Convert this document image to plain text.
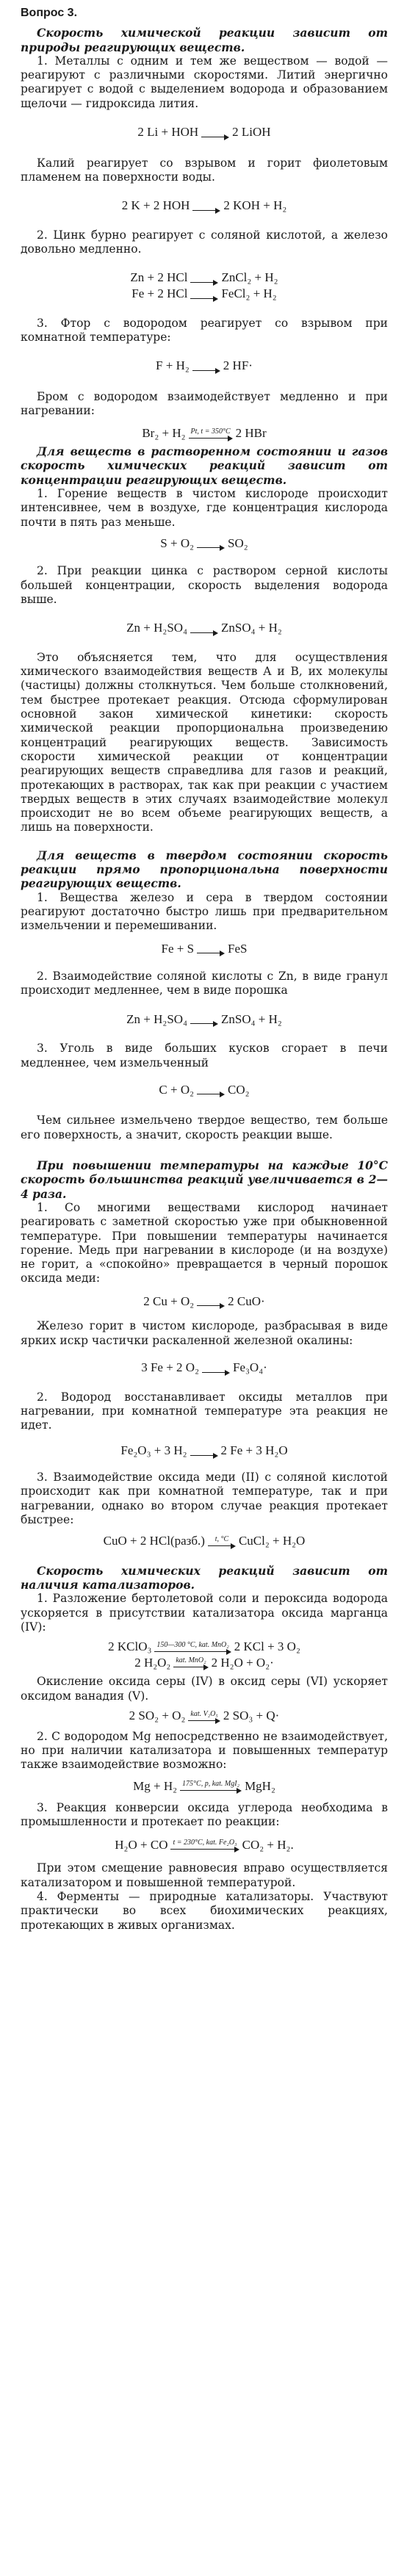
Вопрос 3.

Скорость химической реакции зависит от природы реагирующих веществ.

1. Металлы с одним и тем же веществом — водой — реагируют с различными скоростями. Литий энергично реагирует с водой с выделением водорода и образованием щелочи — гидроксида лития.

2 Li + HOH	2 LiOH

Калий реагирует со взрывом и горит фиолетовым пламенем на поверхности воды.

2 K + 2 HOH	2 KOH + H₂

2. Цинк бурно реагирует с соляной кислотой, а железо довольно медленно.

Zn + 2 HCl	ZnCl₂ + H₂
Fe + 2 HCl	FeCl₂ + H₂

3. Фтор с водородом реагирует со взрывом при комнатной температуре:

F + H₂	2 HF·

Бром с водородом взаимодействует медленно и при нагревании:

Br₂ + H₂ Pt, t = 350°C 2 HBr

Для веществ в растворенном состоянии и газов скорость химических реакций зависит от концентрации реагирующих веществ.

1. Горение веществ в чистом кислороде происходит интенсивнее, чем в воздухе, где концентрация кислорода почти в пять раз меньше.

S + O₂	SO₂

2. При реакции цинка с раствором серной кислоты большей концентрации, скорость выделения водорода выше.

Zn + H₂SO₄	ZnSO₄ + H₂

Это объясняется тем, что для осуществления химического взаимодействия веществ A и B, их молекулы (частицы) должны столкнуться. Чем больше столкновений, тем быстрее протекает реакция. Отсюда сформулирован основной закон химической кинетики: скорость химической реакции пропорциональна произведению концентраций реагирующих веществ. Зависимость скорости химической реакции от концентрации реагирующих веществ справедлива для газов и реакций, протекающих в растворах, так как при реакции с участием твердых веществ в этих случаях взаимодействие молекул происходит не во всем объеме реагирующих веществ, а лишь на поверхности.

Для веществ в твердом состоянии скорость реакции прямо пропорциональна поверхности реагирующих веществ.

1. Вещества железо и сера в твердом состоянии реагируют достаточно быстро лишь при предварительном измельчении и перемешивании.

Fe + S	FeS

2. Взаимодействие соляной кислоты с Zn, в виде гранул происходит медленнее, чем в виде порошка

Zn + H₂SO₄	ZnSO₄ + H₂

3. Уголь в виде больших кусков сгорает в печи медленнее, чем измельченный

C + O₂	CO₂

Чем сильнее измельчено твердое вещество, тем больше его поверхность, а значит, скорость реакции выше.

При повышении температуры на каждые 10°С скорость большинства реакций увеличивается в 2—4 раза.

1. Со многими веществами кислород начинает реагировать с заметной скоростью уже при обыкновенной температуре. При повышении температуры начинается горение. Медь при нагревании в кислороде (и на воздухе) не горит, а «спокойно» превращается в черный порошок оксида меди:

2 Cu + O₂	2 CuO·

Железо горит в чистом кислороде, разбрасывая в виде ярких искр частички раскаленной железной окалины:

3 Fe + 2 O₂	Fe₃O₄·

2. Водород восстанавливает оксиды металлов при нагревании, при комнатной температуре эта реакция не идет.

Fe₂O₃ + 3 H₂	2 Fe + 3 H₂O

3. Взаимодействие оксида меди (II) с соляной кислотой происходит как при комнатной температуре, так и при нагревании, однако во втором случае реакция протекает быстрее:

CuO + 2 HCl(разб.)	t, °C CuCl₂ + H₂O

Скорость химических реакций зависит от наличия катализаторов.

1. Разложение бертолетовой соли и пероксида водорода ускоряется в присутствии катализатора оксида марганца (IV):

2 KClO₃ 150—300 °С, kat. MnO₂ 2 KCl + 3 O₂
2 H₂O₂ kat. MnO₂ 2 H₂O + O₂·

Окисление оксида серы (IV) в оксид серы (VI) ускоряет оксидом ванадия (V).

2 SO₂ + O₂ kat. V₂O₅ 2 SO₃ + Q·

2. С водородом Mg непосредственно не взаимодействует, но при наличии катализатора и повышенных температур также взаимодействие возможно:

Mg + H₂ 175°C, p, kat. MgI₂ MgH₂

3. Реакция конверсии оксида углерода необходима в промышленности и протекает по реакции:

H₂O + CO t = 230°C, kat. Fe₂O₃ CO₂ + H₂.

При этом смещение равновесия вправо осуществляется катализатором и повышенной температурой.

4. Ферменты — природные катализаторы. Участвуют практически во всех биохимических реакциях, протекающих в живых организмах.
